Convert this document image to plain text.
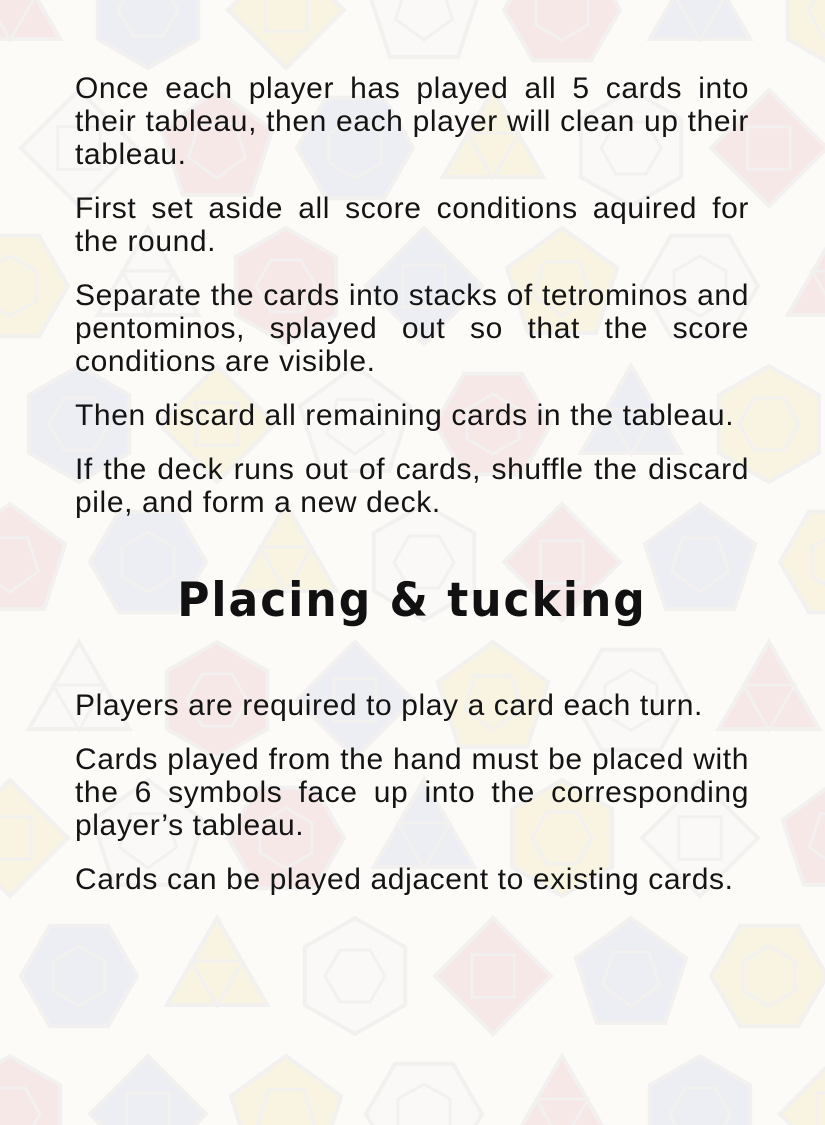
Once each player has played all 5 cards into their tableau, then each player will clean up their tableau.

First set aside all score conditions aquired for the round.

Separate the cards into stacks of tetrominos and pentominos, splayed out so that the score conditions are visible.

Then discard all remaining cards in the tableau.

If the deck runs out of cards, shuffle the discard pile, and form a new deck.

Placing & tucking

Players are required to play a card each turn.

Cards played from the hand must be placed with the 6 symbols face up into the corresponding player’s tableau.

Cards can be played adjacent to existing cards.
